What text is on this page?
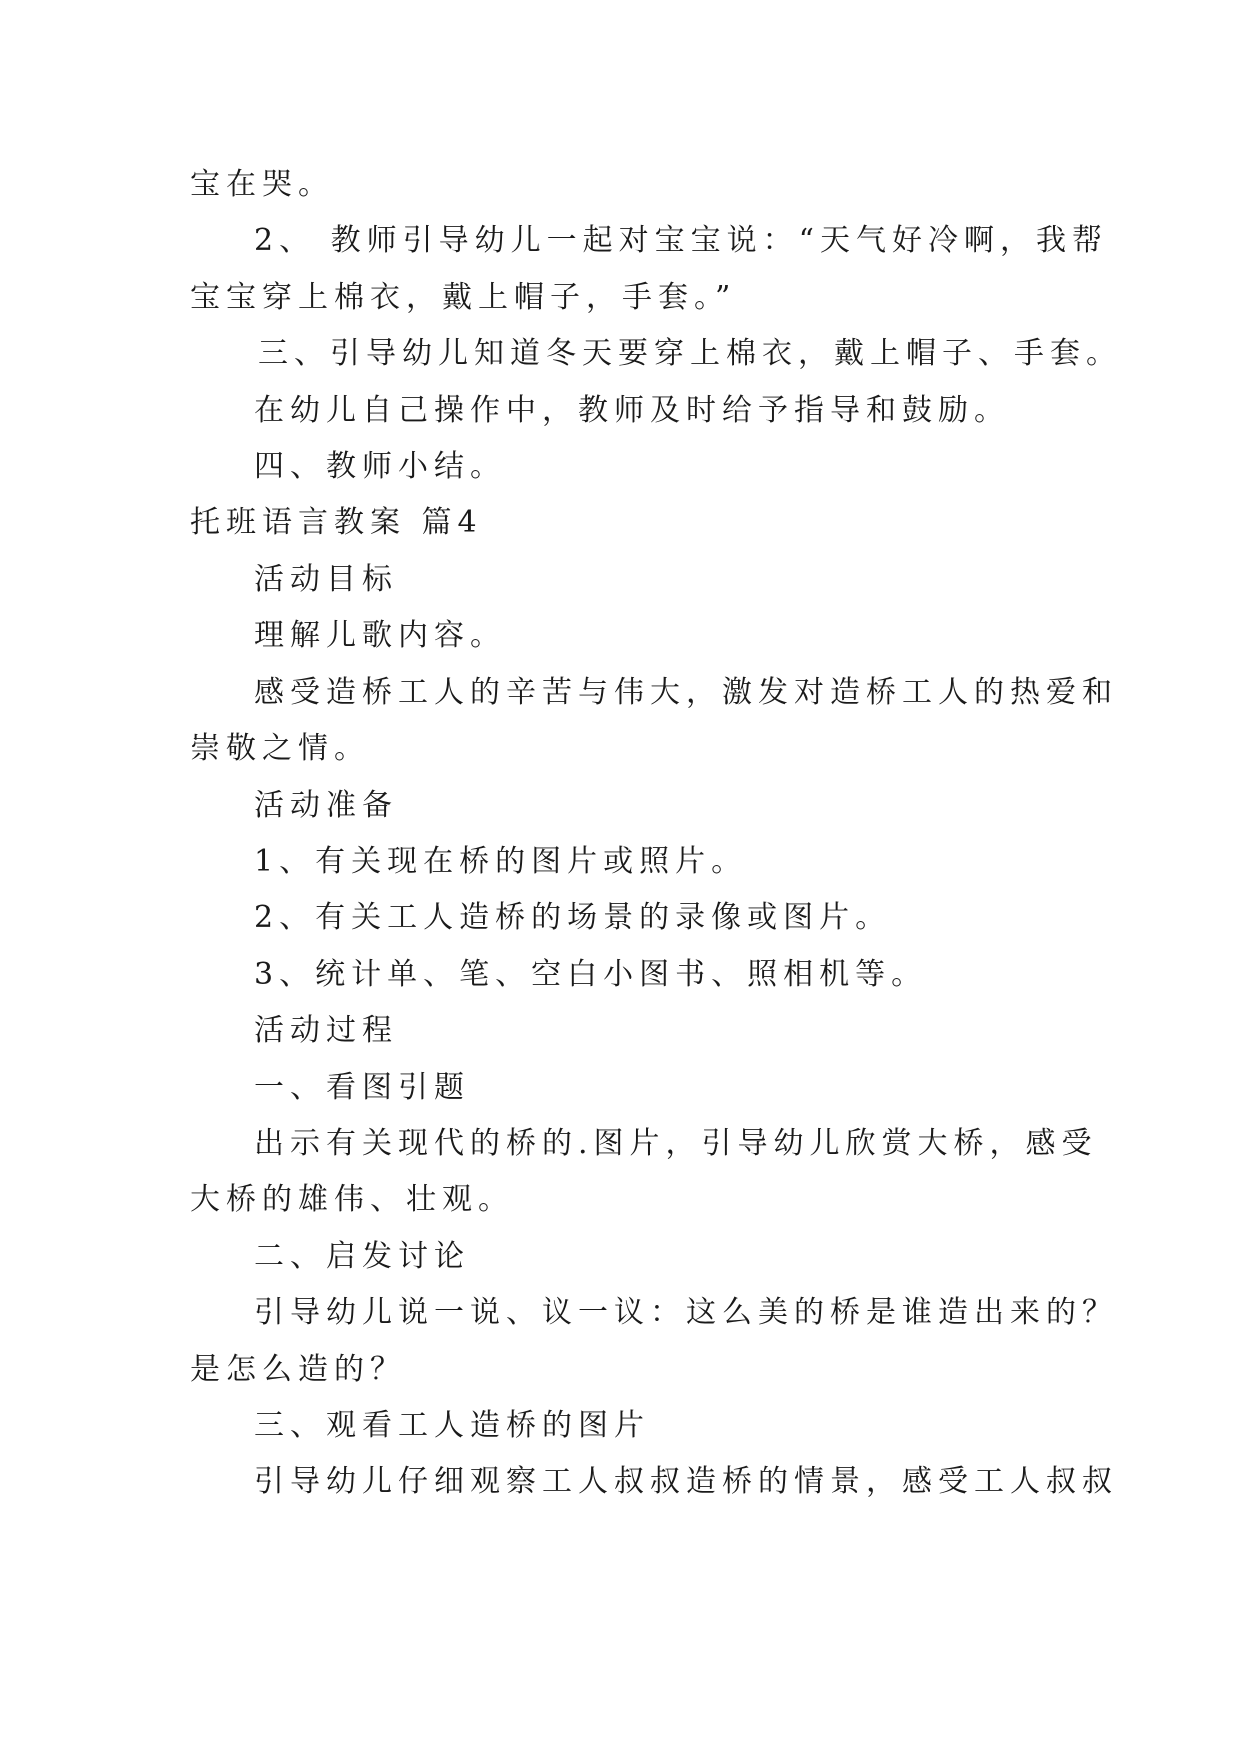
宝在哭。
2、 教师引导幼儿一起对宝宝说：“天气好冷啊，我帮
宝宝穿上棉衣，戴上帽子，手套。”
三、引导幼儿知道冬天要穿上棉衣，戴上帽子、手套。
在幼儿自己操作中，教师及时给予指导和鼓励。
四、教师小结。
托班语言教案 篇4
活动目标
理解儿歌内容。
感受造桥工人的辛苦与伟大，激发对造桥工人的热爱和
崇敬之情。
活动准备
1、有关现在桥的图片或照片。
2、有关工人造桥的场景的录像或图片。
3、统计单、笔、空白小图书、照相机等。
活动过程
一、看图引题
出示有关现代的桥的.图片，引导幼儿欣赏大桥，感受
大桥的雄伟、壮观。
二、启发讨论
引导幼儿说一说、议一议：这么美的桥是谁造出来的？
是怎么造的？
三、观看工人造桥的图片
引导幼儿仔细观察工人叔叔造桥的情景，感受工人叔叔
